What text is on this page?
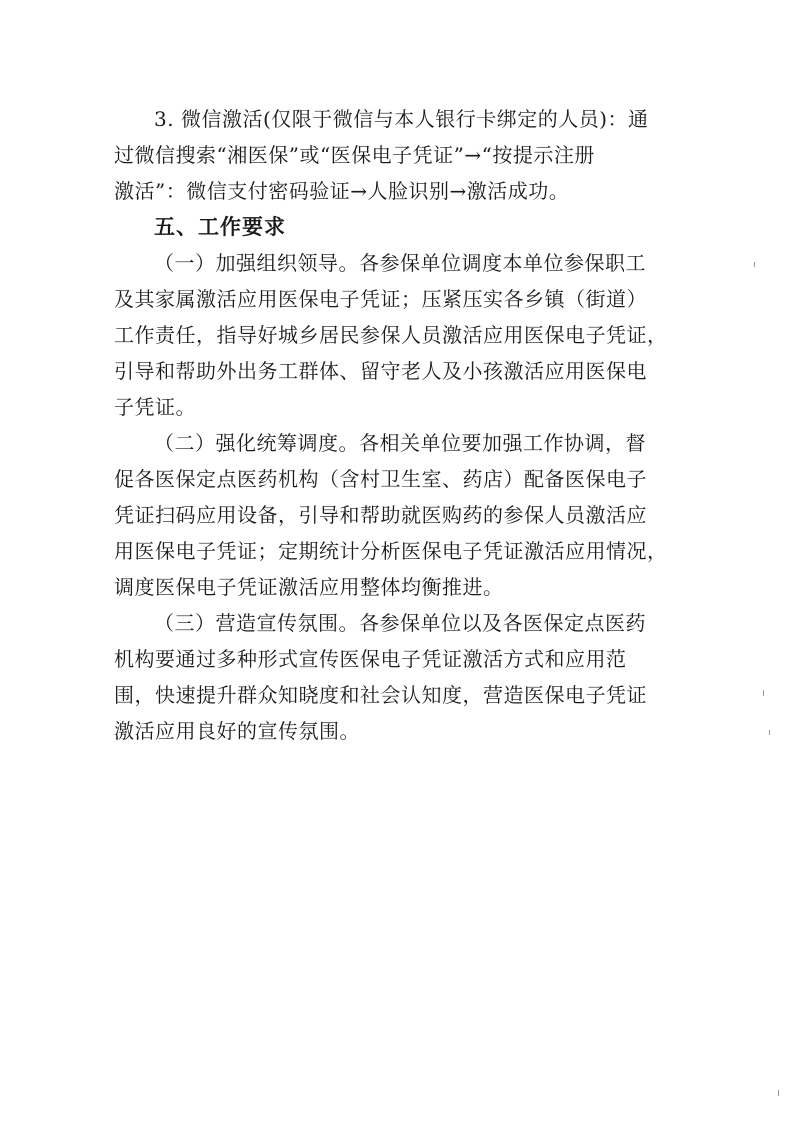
3. 微信激活(仅限于微信与本人银行卡绑定的人员)：通
过微信搜索“湘医保”或“医保电子凭证”→“按提示注册
激活”：微信支付密码验证→人脸识别→激活成功。

五、工作要求

（一）加强组织领导。各参保单位调度本单位参保职工
及其家属激活应用医保电子凭证；压紧压实各乡镇（街道）
工作责任，指导好城乡居民参保人员激活应用医保电子凭证，
引导和帮助外出务工群体、留守老人及小孩激活应用医保电
子凭证。

（二）强化统筹调度。各相关单位要加强工作协调，督
促各医保定点医药机构（含村卫生室、药店）配备医保电子
凭证扫码应用设备，引导和帮助就医购药的参保人员激活应
用医保电子凭证；定期统计分析医保电子凭证激活应用情况，
调度医保电子凭证激活应用整体均衡推进。

（三）营造宣传氛围。各参保单位以及各医保定点医药
机构要通过多种形式宣传医保电子凭证激活方式和应用范
围，快速提升群众知晓度和社会认知度，营造医保电子凭证
激活应用良好的宣传氛围。
